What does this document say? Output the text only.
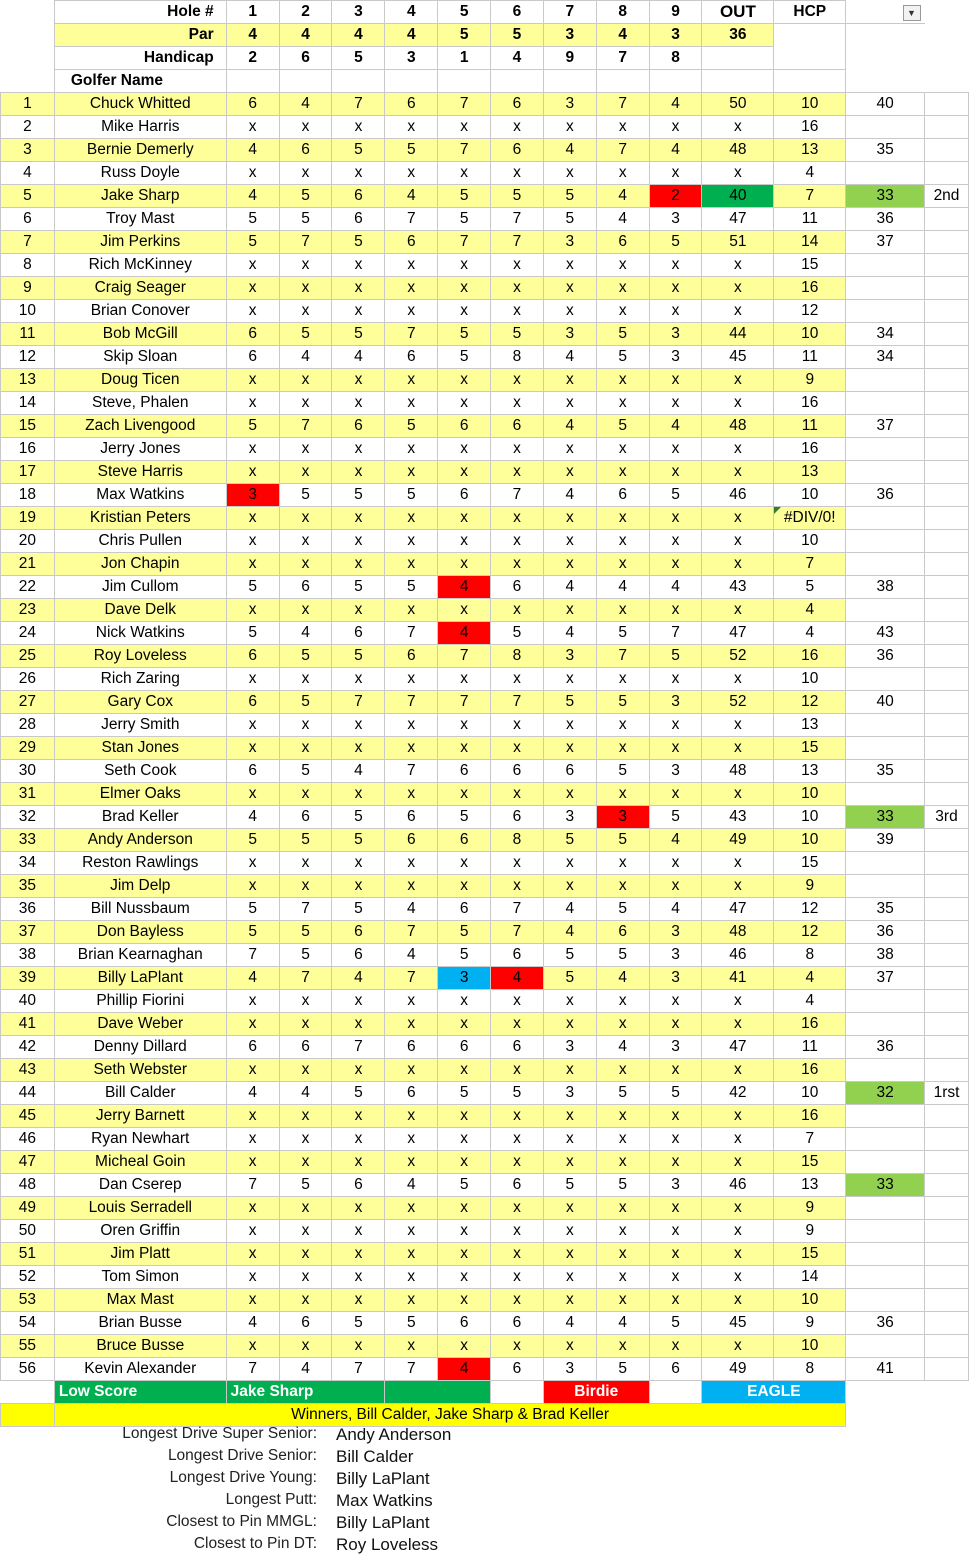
	Hole #	1	2	3	4	5	6	7	8	9	OUT	HCP	▼	
	Par	4	4	4	4	5	5	3	4	3	36			
	Handicap	2	6	5	3	1	4	9	7	8				
	Golfer Name													
1	Chuck Whitted	6	4	7	6	7	6	3	7	4	50	10	40	
2	Mike Harris	x	x	x	x	x	x	x	x	x	x	16		
3	Bernie Demerly	4	6	5	5	7	6	4	7	4	48	13	35	
4	Russ Doyle	x	x	x	x	x	x	x	x	x	x	4		
5	Jake Sharp	4	5	6	4	5	5	5	4	2	40	7	33	2nd
6	Troy Mast	5	5	6	7	5	7	5	4	3	47	11	36	
7	Jim Perkins	5	7	5	6	7	7	3	6	5	51	14	37	
8	Rich McKinney	x	x	x	x	x	x	x	x	x	x	15		
9	Craig Seager	x	x	x	x	x	x	x	x	x	x	16		
10	Brian Conover	x	x	x	x	x	x	x	x	x	x	12		
11	Bob McGill	6	5	5	7	5	5	3	5	3	44	10	34	
12	Skip Sloan	6	4	4	6	5	8	4	5	3	45	11	34	
13	Doug Ticen	x	x	x	x	x	x	x	x	x	x	9		
14	Steve, Phalen	x	x	x	x	x	x	x	x	x	x	16		
15	Zach Livengood	5	7	6	5	6	6	4	5	4	48	11	37	
16	Jerry Jones	x	x	x	x	x	x	x	x	x	x	16		
17	Steve Harris	x	x	x	x	x	x	x	x	x	x	13		
18	Max Watkins	3	5	5	5	6	7	4	6	5	46	10	36	
19	Kristian Peters	x	x	x	x	x	x	x	x	x	x	#DIV/0!

20	Chris Pullen	x	x	x	x	x	x	x	x	x	x	10		
21	Jon Chapin	x	x	x	x	x	x	x	x	x	x	7		
22	Jim Cullom	5	6	5	5	4	6	4	4	4	43	5	38	
23	Dave Delk	x	x	x	x	x	x	x	x	x	x	4		
24	Nick Watkins	5	4	6	7	4	5	4	5	7	47	4	43	
25	Roy Loveless	6	5	5	6	7	8	3	7	5	52	16	36	
26	Rich Zaring	x	x	x	x	x	x	x	x	x	x	10		
27	Gary Cox	6	5	7	7	7	7	5	5	3	52	12	40	
28	Jerry Smith	x	x	x	x	x	x	x	x	x	x	13		
29	Stan Jones	x	x	x	x	x	x	x	x	x	x	15		
30	Seth Cook	6	5	4	7	6	6	6	5	3	48	13	35	
31	Elmer Oaks	x	x	x	x	x	x	x	x	x	x	10		
32	Brad Keller	4	6	5	6	5	6	3	3	5	43	10	33	3rd
33	Andy Anderson	5	5	5	6	6	8	5	5	4	49	10	39	
34	Reston Rawlings	x	x	x	x	x	x	x	x	x	x	15		
35	Jim Delp	x	x	x	x	x	x	x	x	x	x	9		
36	Bill Nussbaum	5	7	5	4	6	7	4	5	4	47	12	35	
37	Don Bayless	5	5	6	7	5	7	4	6	3	48	12	36	
38	Brian Kearnaghan	7	5	6	4	5	6	5	5	3	46	8	38	
39	Billy LaPlant	4	7	4	7	3	4	5	4	3	41	4	37	
40	Phillip Fiorini	x	x	x	x	x	x	x	x	x	x	4		
41	Dave Weber	x	x	x	x	x	x	x	x	x	x	16		
42	Denny Dillard	6	6	7	6	6	6	3	4	3	47	11	36	
43	Seth Webster	x	x	x	x	x	x	x	x	x	x	16		
44	Bill Calder	4	4	5	6	5	5	3	5	5	42	10	32	1rst
45	Jerry Barnett	x	x	x	x	x	x	x	x	x	x	16		
46	Ryan Newhart	x	x	x	x	x	x	x	x	x	x	7		
47	Micheal Goin	x	x	x	x	x	x	x	x	x	x	15		
48	Dan Cserep	7	5	6	4	5	6	5	5	3	46	13	33	
49	Louis Serradell	x	x	x	x	x	x	x	x	x	x	9		
50	Oren Griffin	x	x	x	x	x	x	x	x	x	x	9		
51	Jim Platt	x	x	x	x	x	x	x	x	x	x	15		
52	Tom Simon	x	x	x	x	x	x	x	x	x	x	14		
53	Max Mast	x	x	x	x	x	x	x	x	x	x	10		
54	Brian Busse	4	6	5	5	6	6	4	4	5	45	9	36	
55	Bruce Busse	x	x	x	x	x	x	x	x	x	x	10		
56	Kevin Alexander	7	4	7	7	4	6	3	5	6	49	8	41	
	Low Score	Jake Sharp						Birdie			EAGLE			
	Winners, Bill Calder, Jake Sharp & Brad Keller													
Longest Drive Super Senior: Andy Anderson
Longest Drive Senior: Bill Calder
Longest Drive Young: Billy LaPlant
Longest Putt: Max Watkins
Closest to Pin MMGL: Billy LaPlant
Closest to Pin DT: Roy Loveless
